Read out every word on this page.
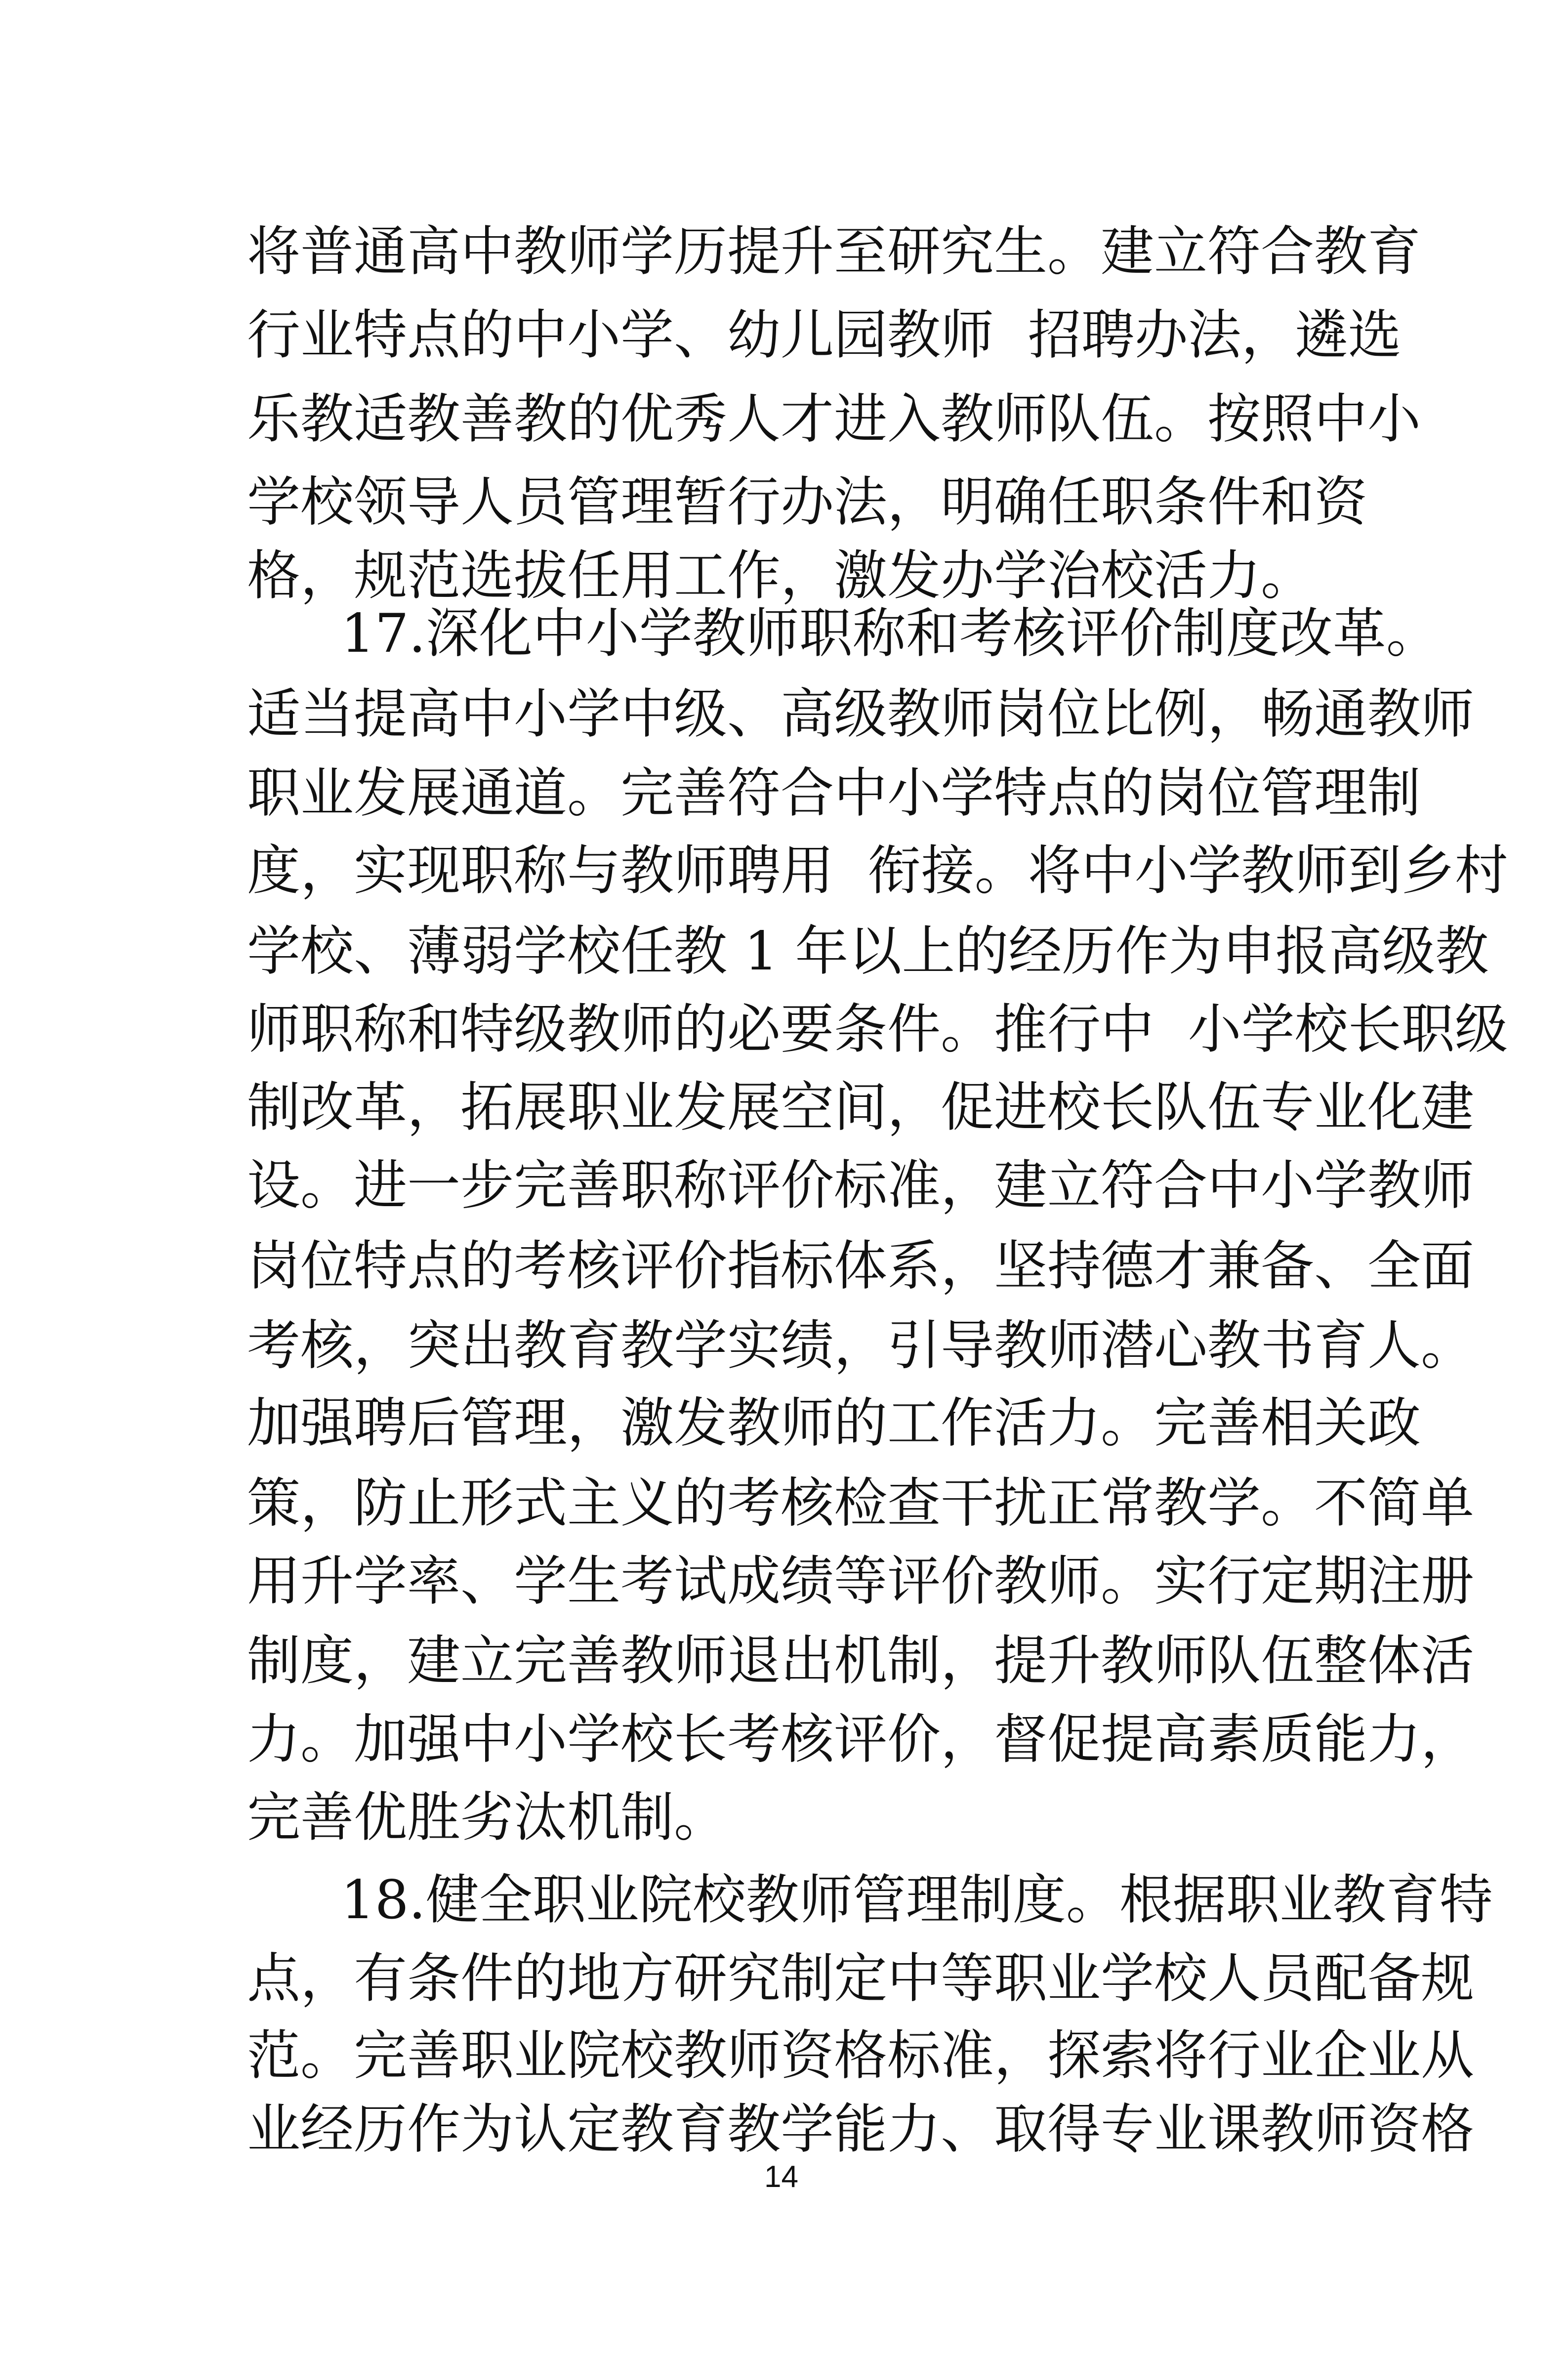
将普通高中教师学历提升至研究生。建立符合教育
行业特点的中小学、幼儿园教师  招聘办法，遴选
乐教适教善教的优秀人才进入教师队伍。按照中小
学校领导人员管理暂行办法，明确任职条件和资
格，规范选拔任用工作，激发办学治校活力。
17.深化中小学教师职称和考核评价制度改革。
适当提高中小学中级、高级教师岗位比例，畅通教师
职业发展通道。完善符合中小学特点的岗位管理制
度，实现职称与教师聘用  衔接。将中小学教师到乡村
学校、薄弱学校任教 1 年以上的经历作为申报高级教
师职称和特级教师的必要条件。推行中  小学校长职级
制改革，拓展职业发展空间，促进校长队伍专业化建
设。进一步完善职称评价标准，建立符合中小学教师
岗位特点的考核评价指标体系，坚持德才兼备、全面
考核，突出教育教学实绩，引导教师潜心教书育人。
加强聘后管理，激发教师的工作活力。完善相关政
策，防止形式主义的考核检查干扰正常教学。不简单
用升学率、学生考试成绩等评价教师。实行定期注册
制度，建立完善教师退出机制，提升教师队伍整体活
力。加强中小学校长考核评价，督促提高素质能力，
完善优胜劣汰机制。
18.健全职业院校教师管理制度。根据职业教育特
点，有条件的地方研究制定中等职业学校人员配备规
范。完善职业院校教师资格标准，探索将行业企业从
业经历作为认定教育教学能力、取得专业课教师资格
14
